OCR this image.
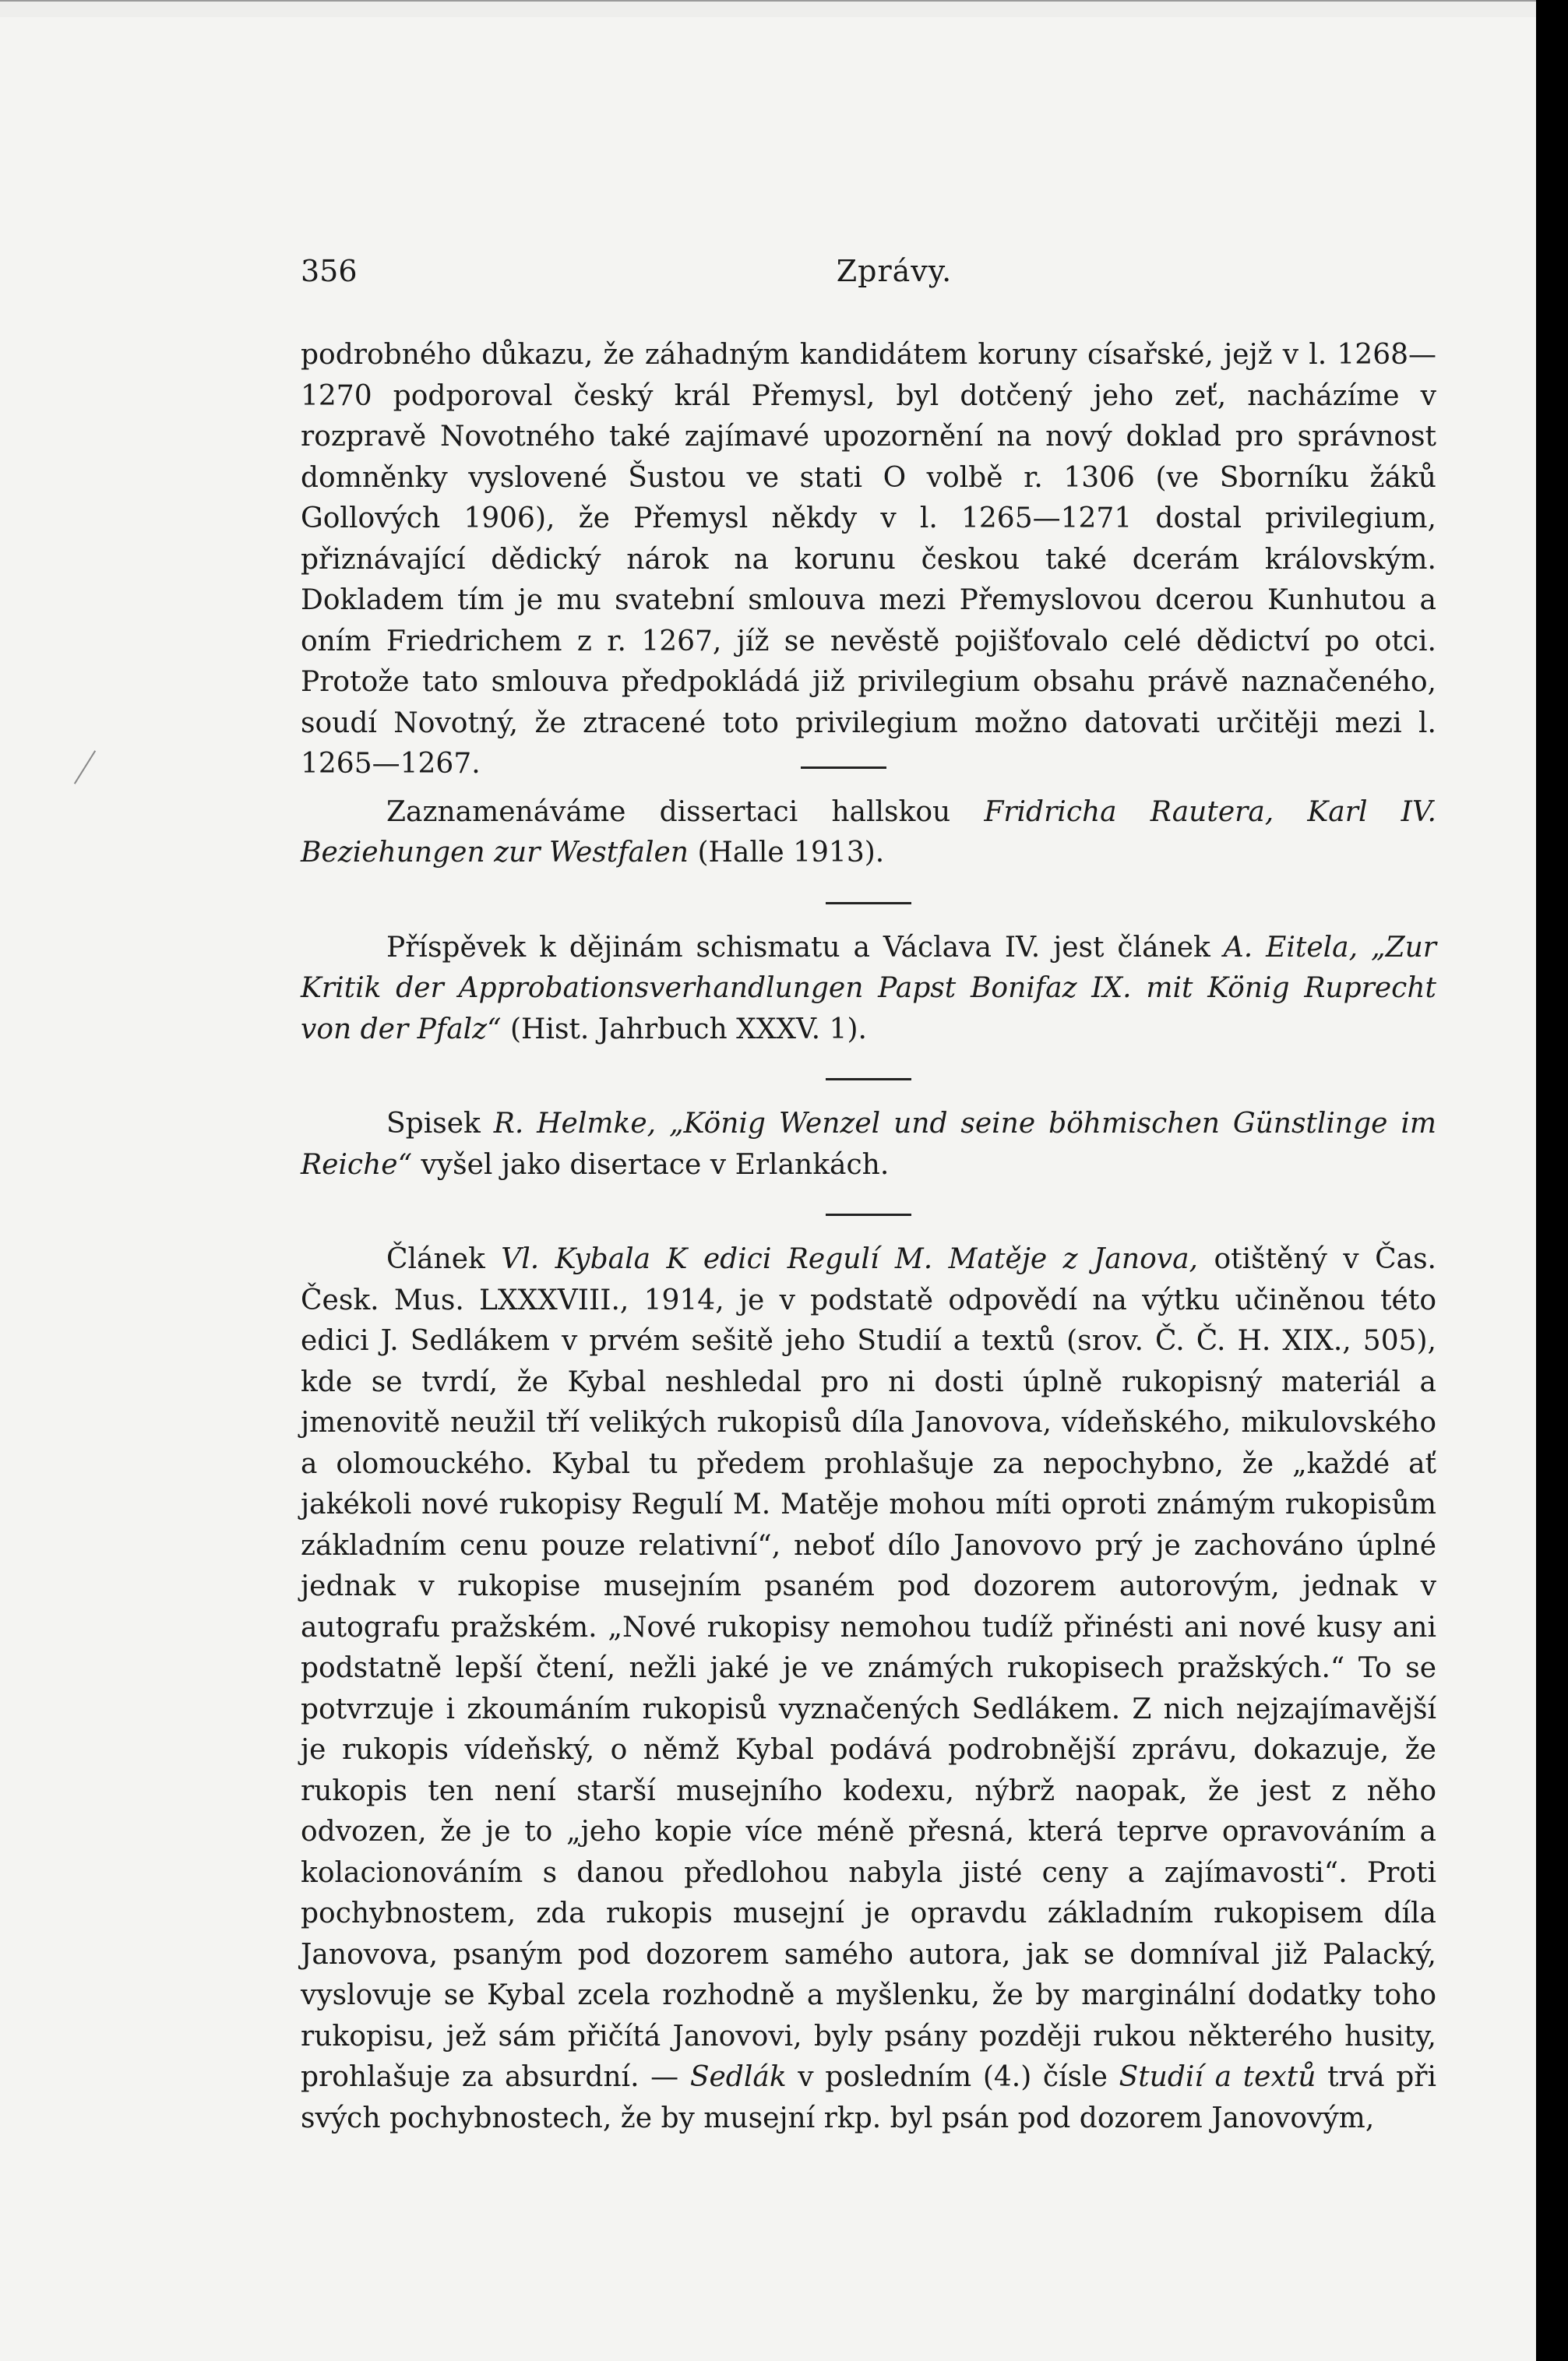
356	Zprávy.

podrobného důkazu, že záhadným kandidátem koruny císařské, jejž v l. 1268—1270 podporoval český král Přemysl, byl dotčený jeho zeť, nacházíme v rozpravě Novotného také zajímavé upozornění na nový doklad pro správnost domněnky vyslovené Šustou ve stati O volbě r. 1306 (ve Sborníku žáků Gollových 1906), že Přemysl někdy v l. 1265—1271 dostal privilegium, přiznávající dědický nárok na korunu českou také dcerám královským. Dokladem tím je mu svatební smlouva mezi Přemyslovou dcerou Kunhutou a oním Friedrichem z r. 1267, jíž se nevěstě pojišťovalo celé dědictví po otci. Protože tato smlouva předpokládá již privilegium obsahu právě naznačeného, soudí Novotný, že ztracené toto privilegium možno datovati určitěji mezi l. 1265—1267.

Zaznamenáváme dissertaci hallskou Fridricha Rautera, Karl IV. Beziehungen zur Westfalen (Halle 1913).

Příspěvek k dějinám schismatu a Václava IV. jest článek A. Eitela, „Zur Kritik der Approbationsverhandlungen Papst Bonifaz IX. mit König Ruprecht von der Pfalz“ (Hist. Jahrbuch XXXV. 1).

Spisek R. Helmke, „König Wenzel und seine böhmischen Günstlinge im Reiche“ vyšel jako disertace v Erlankách.

Článek Vl. Kybala K edici Regulí M. Matěje z Janova, otištěný v Čas. Česk. Mus. LXXXVIII., 1914, je v podstatě odpovědí na výtku učiněnou této edici J. Sedlákem v prvém sešitě jeho Studií a textů (srov. Č. Č. H. XIX., 505), kde se tvrdí, že Kybal neshledal pro ni dosti úplně rukopisný materiál a jmenovitě neužil tří velikých rukopisů díla Janovova, vídeňského, mikulovského a olomouckého. Kybal tu předem prohlašuje za nepochybno, že „každé ať jakékoli nové rukopisy Regulí M. Matěje mohou míti oproti známým rukopisům základním cenu pouze relativní“, neboť dílo Janovovo prý je zachováno úplné jednak v rukopise musejním psaném pod dozorem autorovým, jednak v autografu pražském. „Nové rukopisy nemohou tudíž přinésti ani nové kusy ani podstatně lepší čtení, nežli jaké je ve známých rukopisech pražských.“ To se potvrzuje i zkoumáním rukopisů vyznačených Sedlákem. Z nich nejzajímavější je rukopis vídeňský, o němž Kybal podává podrobnější zprávu, dokazuje, že rukopis ten není starší musejního kodexu, nýbrž naopak, že jest z něho odvozen, že je to „jeho kopie více méně přesná, která teprve opravováním a kolacionováním s danou předlohou nabyla jisté ceny a zajímavosti“. Proti pochybnostem, zda rukopis musejní je opravdu základním rukopisem díla Janovova, psaným pod dozorem samého autora, jak se domníval již Palacký, vyslovuje se Kybal zcela rozhodně a myšlenku, že by marginální dodatky toho rukopisu, jež sám přičítá Janovovi, byly psány později rukou některého husity, prohlašuje za absurdní. — Sedlák v posledním (4.) čísle Studií a textů trvá při svých pochybnostech, že by musejní rkp. byl psán pod dozorem Janovovým,
